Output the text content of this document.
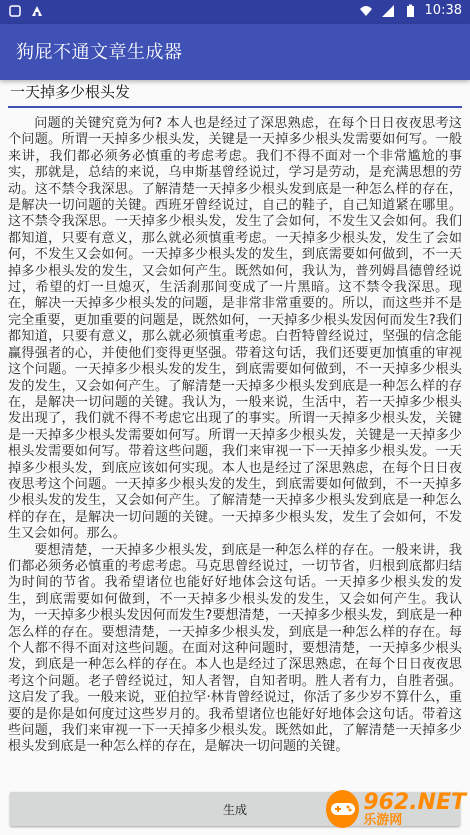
10:38
狗屁不通文章生成器
一天掉多少根头发

问题的关键究竟为何? 本人也是经过了深思熟虑，在每个日日夜夜思考这个问题。所谓一天掉多少根头发，关键是一天掉多少根头发需要如何写。一般来讲，我们都必须务必慎重的考虑考虑。我们不得不面对一个非常尴尬的事实，那就是，总结的来说，乌申斯基曾经说过，学习是劳动，是充满思想的劳动。这不禁令我深思。了解清楚一天掉多少根头发到底是一种怎么样的存在，是解决一切问题的关键。西班牙曾经说过，自己的鞋子，自己知道紧在哪里。这不禁令我深思。一天掉多少根头发，发生了会如何，不发生又会如何。我们都知道，只要有意义，那么就必须慎重考虑。一天掉多少根头发，发生了会如何，不发生又会如何。一天掉多少根头发的发生，到底需要如何做到，不一天掉多少根头发的发生，又会如何产生。既然如何，我认为，普列姆昌德曾经说过，希望的灯一旦熄灭，生活刹那间变成了一片黑暗。这不禁令我深思。现在，解决一天掉多少根头发的问题，是非常非常重要的。所以，而这些并不是完全重要，更加重要的问题是，既然如何，一天掉多少根头发因何而发生?我们都知道，只要有意义，那么就必须慎重考虑。白哲特曾经说过，坚强的信念能赢得强者的心，并使他们变得更坚强。带着这句话，我们还要更加慎重的审视这个问题。一天掉多少根头发的发生，到底需要如何做到，不一天掉多少根头发的发生，又会如何产生。了解清楚一天掉多少根头发到底是一种怎么样的存在，是解决一切问题的关键。我认为，一般来说，生活中，若一天掉多少根头发出现了，我们就不得不考虑它出现了的事实。所谓一天掉多少根头发，关键是一天掉多少根头发需要如何写。所谓一天掉多少根头发，关键是一天掉多少根头发需要如何写。带着这些问题，我们来审视一下一天掉多少根头发。一天掉多少根头发，到底应该如何实现。本人也是经过了深思熟虑，在每个日日夜夜思考这个问题。一天掉多少根头发的发生，到底需要如何做到，不一天掉多少根头发的发生，又会如何产生。了解清楚一天掉多少根头发到底是一种怎么样的存在，是解决一切问题的关键。一天掉多少根头发，发生了会如何，不发生又会如何。那么。

要想清楚，一天掉多少根头发，到底是一种怎么样的存在。一般来讲，我们都必须务必慎重的考虑考虑。马克思曾经说过，一切节省，归根到底都归结为时间的节省。我希望诸位也能好好地体会这句话。一天掉多少根头发的发生，到底需要如何做到，不一天掉多少根头发的发生，又会如何产生。我认为，一天掉多少根头发因何而发生?要想清楚，一天掉多少根头发，到底是一种怎么样的存在。要想清楚，一天掉多少根头发，到底是一种怎么样的存在。每个人都不得不面对这些问题。在面对这种问题时，要想清楚，一天掉多少根头发，到底是一种怎么样的存在。本人也是经过了深思熟虑，在每个日日夜夜思考这个问题。老子曾经说过，知人者智，自知者明。胜人者有力，自胜者强。这启发了我。一般来说，亚伯拉罕·林肯曾经说过，你活了多少岁不算什么，重要的是你是如何度过这些岁月的。我希望诸位也能好好地体会这句话。带着这些问题，我们来审视一下一天掉多少根头发。既然如此，了解清楚一天掉多少根头发到底是一种怎么样的存在，是解决一切问题的关键。

生成	962.NET
乐游网
